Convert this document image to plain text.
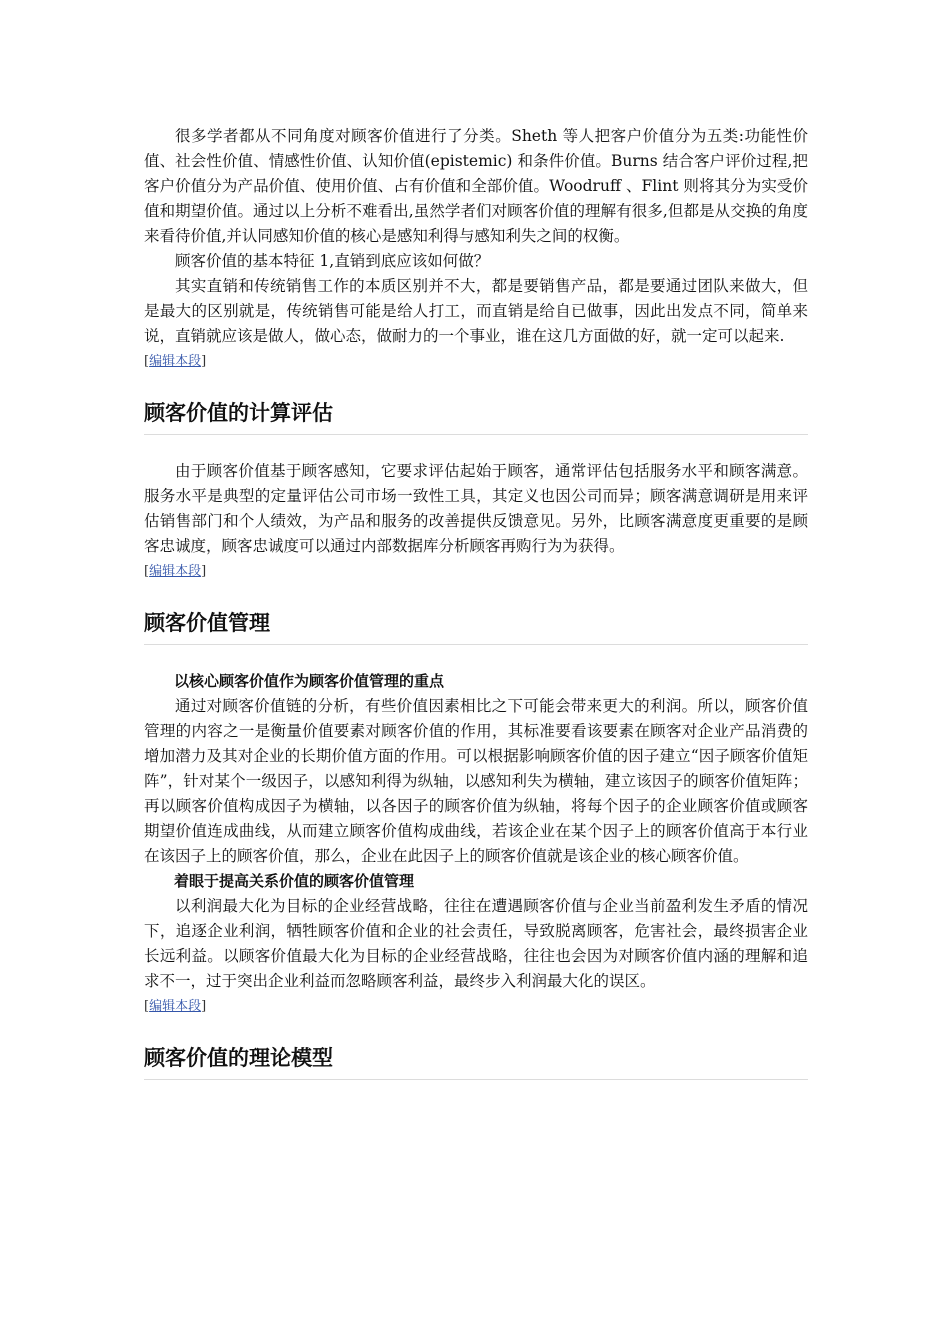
很多学者都从不同角度对顾客价值进行了分类。Sheth 等人把客户价值分为五类:功能性价值、社会性价值、情感性价值、认知价值(epistemic) 和条件价值。Burns 结合客户评价过程,把客户价值分为产品价值、使用价值、占有价值和全部价值。Woodruff 、Flint 则将其分为实受价值和期望价值。通过以上分析不难看出,虽然学者们对顾客价值的理解有很多,但都是从交换的角度来看待价值,并认同感知价值的核心是感知利得与感知利失之间的权衡。

顾客价值的基本特征 1,直销到底应该如何做？

其实直销和传统销售工作的本质区别并不大，都是要销售产品，都是要通过团队来做大，但是最大的区别就是，传统销售可能是给人打工，而直销是给自已做事，因此出发点不同，简单来说，直销就应该是做人，做心态，做耐力的一个事业，谁在这几方面做的好，就一定可以起来.

[编辑本段]
顾客价值的计算评估

由于顾客价值基于顾客感知，它要求评估起始于顾客，通常评估包括服务水平和顾客满意。服务水平是典型的定量评估公司市场一致性工具，其定义也因公司而异；顾客满意调研是用来评估销售部门和个人绩效，为产品和服务的改善提供反馈意见。另外，比顾客满意度更重要的是顾客忠诚度，顾客忠诚度可以通过内部数据库分析顾客再购行为为获得。

[编辑本段]
顾客价值管理

以核心顾客价值作为顾客价值管理的重点

通过对顾客价值链的分析，有些价值因素相比之下可能会带来更大的利润。所以，顾客价值管理的内容之一是衡量价值要素对顾客价值的作用，其标准要看该要素在顾客对企业产品消费的增加潜力及其对企业的长期价值方面的作用。可以根据影响顾客价值的因子建立“因子顾客价值矩阵”，针对某个一级因子，以感知利得为纵轴，以感知利失为横轴，建立该因子的顾客价值矩阵；再以顾客价值构成因子为横轴，以各因子的顾客价值为纵轴，将每个因子的企业顾客价值或顾客期望价值连成曲线，从而建立顾客价值构成曲线，若该企业在某个因子上的顾客价值高于本行业在该因子上的顾客价值，那么，企业在此因子上的顾客价值就是该企业的核心顾客价值。

着眼于提高关系价值的顾客价值管理

以利润最大化为目标的企业经营战略，往往在遭遇顾客价值与企业当前盈利发生矛盾的情况下，追逐企业利润，牺牲顾客价值和企业的社会责任，导致脱离顾客，危害社会，最终损害企业长远利益。以顾客价值最大化为目标的企业经营战略，往往也会因为对顾客价值内涵的理解和追求不一，过于突出企业利益而忽略顾客利益，最终步入利润最大化的误区。

[编辑本段]
顾客价值的理论模型
